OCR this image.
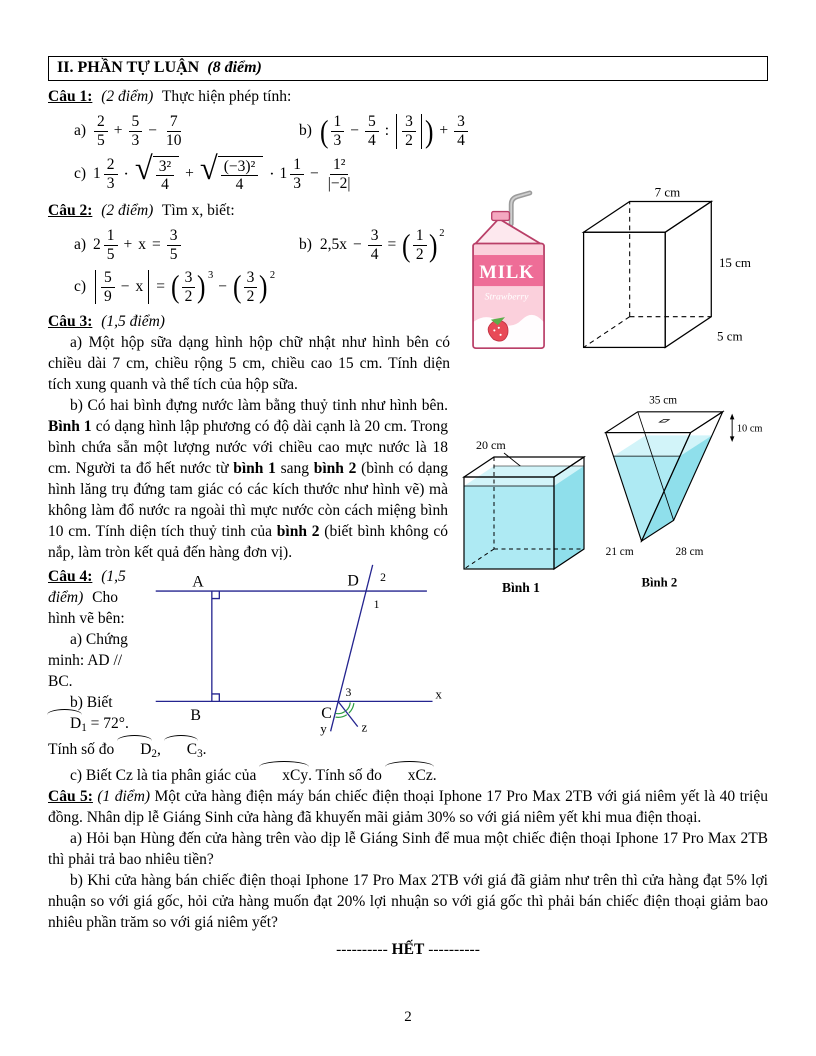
II. PHẦN TỰ LUẬN (8 điểm)

Câu 1: (2 điểm) Thực hiện phép tính:

$a) \frac{2}{5} + \frac{5}{3} - \frac{7}{10}$	b) ( $\frac{1}{3} - \frac{5}{4}$ : $\frac{3}{2}$ ) + $\frac{3}{4}$
c) $1 \frac{2}{3}$ ⋅ √ $\frac{\text{3²}}{4}$ + √ $\frac{\text{(−3)²}}{4} \cdot 1 \frac{1}{3} - \frac{\text{1²}}{|-2|}$
MILK
Strawberry
7 cm
15 cm
5 cm

Câu 2: (2 điểm) Tìm x, biết:

a) $2 \frac{1}{5} + x = \frac{3}{5}$	b) $2,5x - \frac{3}{4}$ = ( $\frac{1}{2}$ ) 2
$c) \frac{5}{9} - x$ = ( $\frac{3}{2}$ ) 3
− ( $\frac{3}{2}$ ) 2

Câu 3: (1,5 điểm)

a) Một hộp sữa dạng hình hộp chữ nhật như hình bên có chiều dài 7 cm, chiều rộng 5 cm, chiều cao 15 cm. Tính diện tích xung quanh và thể tích của hộp sữa.

20 cm
Bình 1
35 cm
10 cm
21 cm	28 cm
Bình 2

b) Có hai bình đựng nước làm bằng thuỷ tinh như hình bên. Bình 1 có dạng hình lập phương có độ dài cạnh là 20 cm. Trong bình chứa sẵn một lượng nước với chiều cao mực nước là 18 cm. Người ta đổ hết nước từ bình 1 sang bình 2 (bình có dạng hình lăng trụ đứng tam giác có các kích thước như hình vẽ) mà không làm đổ nước ra ngoài thì mực nước còn cách miệng bình 10 cm. Tính diện tích thuỷ tinh của bình 2 (biết bình không có nắp, làm tròn kết quả đến hàng đơn vị).

A
B
D
C
2
1
3	x
y z

Câu 4: (1,5 điểm) Cho hình vẽ bên:

a) Chứng minh: AD // BC.

b) Biết D1 = 72°. Tính số đo D2, C3.

c) Biết Cz là tia phân giác của xCy. Tính số đo xCz.

Câu 5: (1 điểm) Một cửa hàng điện máy bán chiếc điện thoại Iphone 17 Pro Max 2TB với giá niêm yết là 40 triệu đồng. Nhân dịp lễ Giáng Sinh cửa hàng đã khuyến mãi giảm 30% so với giá niêm yết khi mua điện thoại.

a) Hỏi bạn Hùng đến cửa hàng trên vào dịp lễ Giáng Sinh để mua một chiếc điện thoại Iphone 17 Pro Max 2TB thì phải trả bao nhiêu tiền?

b) Khi cửa hàng bán chiếc điện thoại Iphone 17 Pro Max 2TB với giá đã giảm như trên thì cửa hàng đạt 5% lợi nhuận so với giá gốc, hỏi cửa hàng muốn đạt 20% lợi nhuận so với giá gốc thì phải bán chiếc điện thoại giảm bao nhiêu phần trăm so với giá niêm yết?

---------- HẾT ----------
2
